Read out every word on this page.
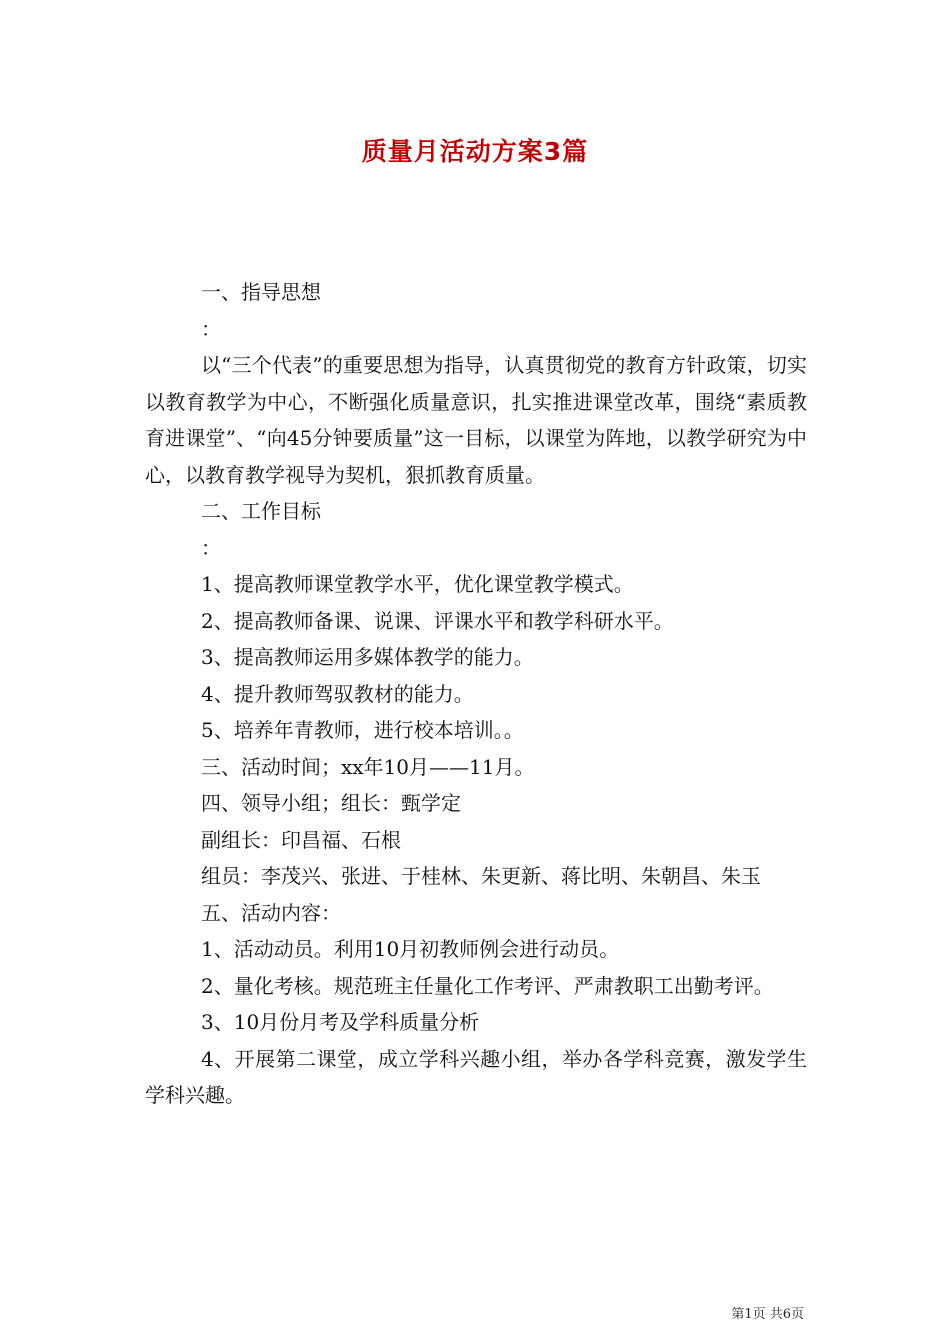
质量月活动方案3篇

一、指导思想

：

以“三个代表”的重要思想为指导，认真贯彻党的教育方针政策，切实以教育教学为中心，不断强化质量意识，扎实推进课堂改革，围绕“素质教育进课堂”、“向45分钟要质量”这一目标，以课堂为阵地，以教学研究为中心，以教育教学视导为契机，狠抓教育质量。

二、工作目标

：

1、提高教师课堂教学水平，优化课堂教学模式。

2、提高教师备课、说课、评课水平和教学科研水平。

3、提高教师运用多媒体教学的能力。

4、提升教师驾驭教材的能力。

5、培养年青教师，进行校本培训。。

三、活动时间；xx年10月——11月。

四、领导小组；组长：甄学定

副组长：印昌福、石根

组员：李茂兴、张进、于桂林、朱更新、蒋比明、朱朝昌、朱玉

五、活动内容：

1、活动动员。利用10月初教师例会进行动员。

2、量化考核。规范班主任量化工作考评、严肃教职工出勤考评。

3、10月份月考及学科质量分析

4、开展第二课堂，成立学科兴趣小组，举办各学科竞赛，激发学生学科兴趣。

第1页 共6页
